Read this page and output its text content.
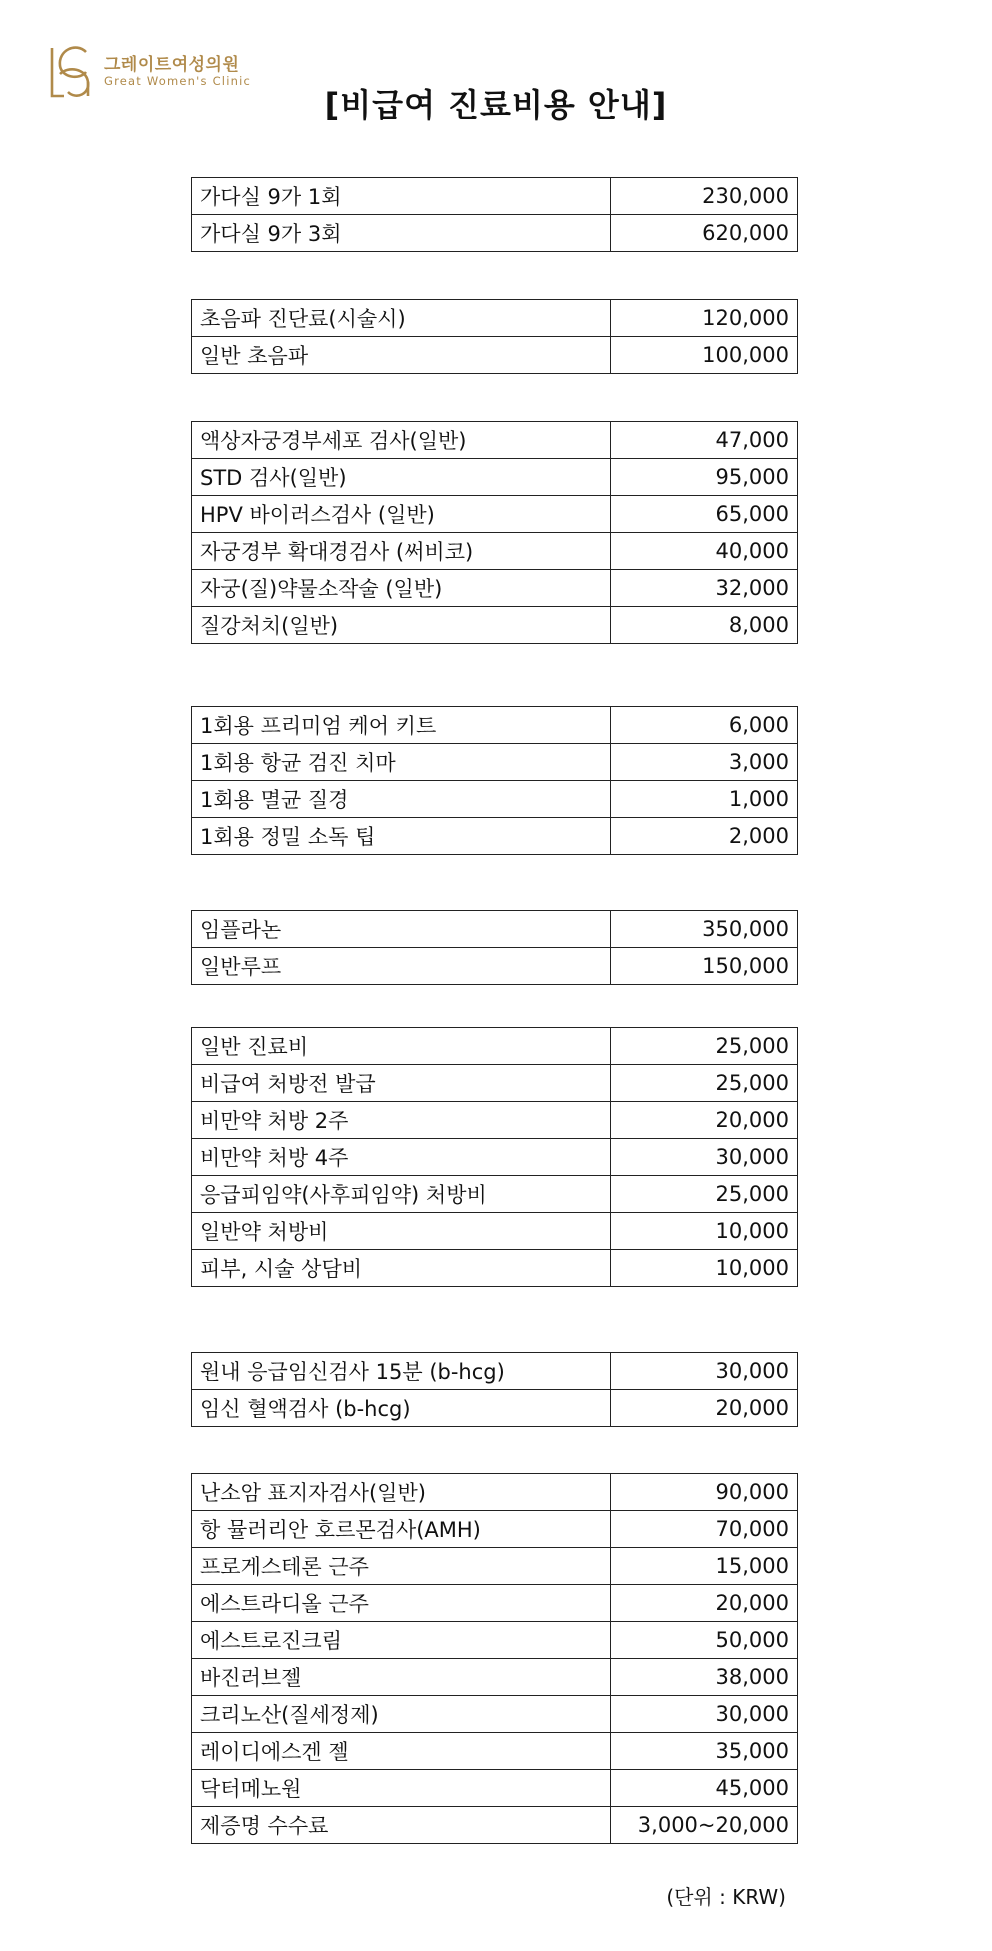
그레이트여성의원
Great Women's Clinic
[비급여 진료비용 안내]
가다실 9가 1회	230,000
가다실 9가 3회	620,000
초음파 진단료(시술시)	120,000
일반 초음파	100,000
액상자궁경부세포 검사(일반)	47,000
STD 검사(일반)	95,000
HPV 바이러스검사 (일반)	65,000
자궁경부 확대경검사 (써비코)	40,000
자궁(질)약물소작술 (일반)	32,000
질강처치(일반)	8,000
1회용 프리미엄 케어 키트	6,000
1회용 항균 검진 치마	3,000
1회용 멸균 질경	1,000
1회용 정밀 소독 팁	2,000
임플라논	350,000
일반루프	150,000
일반 진료비	25,000
비급여 처방전 발급	25,000
비만약 처방 2주	20,000
비만약 처방 4주	30,000
응급피임약(사후피임약) 처방비	25,000
일반약 처방비	10,000
피부, 시술 상담비	10,000
원내 응급임신검사 15분 (b-hcg)	30,000
임신 혈액검사 (b-hcg)	20,000
난소암 표지자검사(일반)	90,000
항 뮬러리안 호르몬검사(AMH)	70,000
프로게스테론 근주	15,000
에스트라디올 근주	20,000
에스트로진크림	50,000
바진러브젤	38,000
크리노산(질세정제)	30,000
레이디에스겐 젤	35,000
닥터메노원	45,000
제증명 수수료	3,000~20,000
(단위 : KRW)
